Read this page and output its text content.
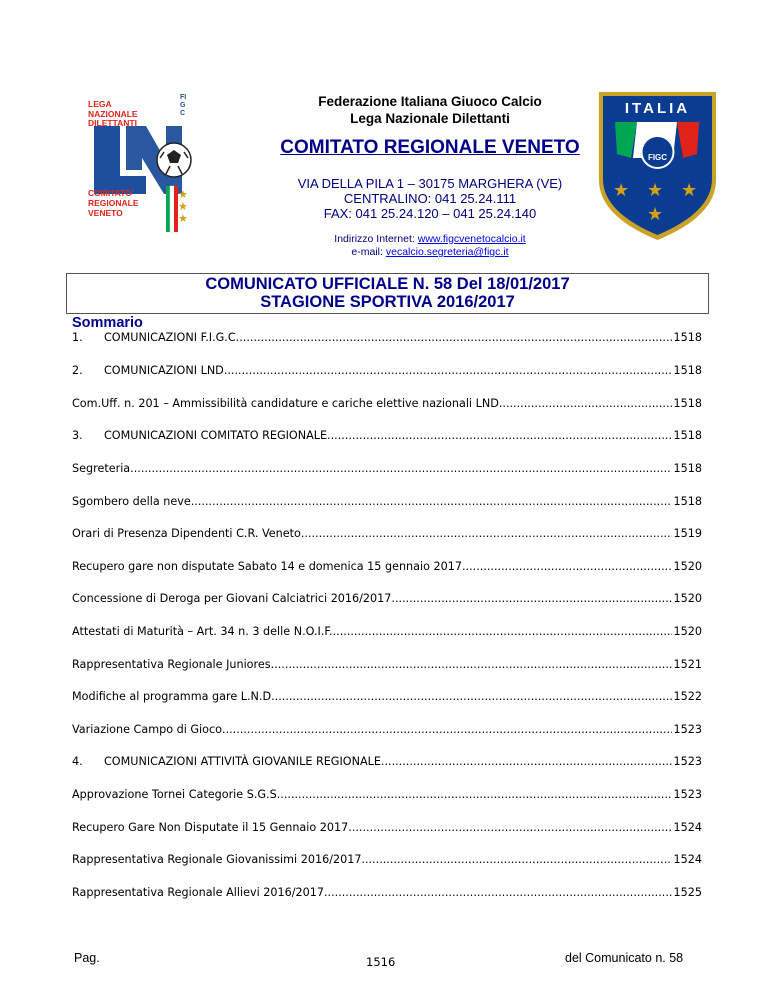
★
★
★
LEGA
NAZIONALE
DILETTANTI
FIGC
COMITATO
REGIONALE
VENETO
Federazione Italiana Giuoco Calcio
Lega Nazionale Dilettanti
COMITATO REGIONALE VENETO
VIA DELLA PILA 1 – 30175 MARGHERA (VE)
CENTRALINO: 041 25.24.111
FAX: 041 25.24.120 – 041 25.24.140
Indirizzo Internet: www.figcvenetocalcio.it
e-mail: vecalcio.segreteria@figc.it
★ ★ ★
★
ITALIA
FIGC
COMUNICATO UFFICIALE N. 58 Del 18/01/2017
STAGIONE SPORTIVA 2016/2017
Sommario
1.	COMUNICAZIONI F.I.G.C. .....	1518
2.	COMUNICAZIONI LND .....	1518
Com.Uff. n. 201 – Ammissibilità candidature e cariche elettive nazionali LND .....	1518
3.	COMUNICAZIONI COMITATO REGIONALE .....	1518
Segreteria .....	1518
Sgombero della neve .....	1518
Orari di Presenza Dipendenti C.R. Veneto .....	1519
Recupero gare non disputate Sabato 14 e domenica 15 gennaio 2017 .....	1520
Concessione di Deroga per Giovani Calciatrici 2016/2017 .....	1520
Attestati di Maturità – Art. 34 n. 3 delle N.O.I.F. .....	1520
Rappresentativa Regionale Juniores .....	1521
Modifiche al programma gare L.N.D. .....	1522
Variazione Campo di Gioco .....	1523
4.	COMUNICAZIONI ATTIVITÀ GIOVANILE REGIONALE .....	1523
Approvazione Tornei Categorie S.G.S. .....	1523
Recupero Gare Non Disputate il 15 Gennaio 2017 .....	1524
Rappresentativa Regionale Giovanissimi 2016/2017 .....	1524
Rappresentativa Regionale Allievi 2016/2017 .....	1525
Pag.	1516	del Comunicato n. 58
